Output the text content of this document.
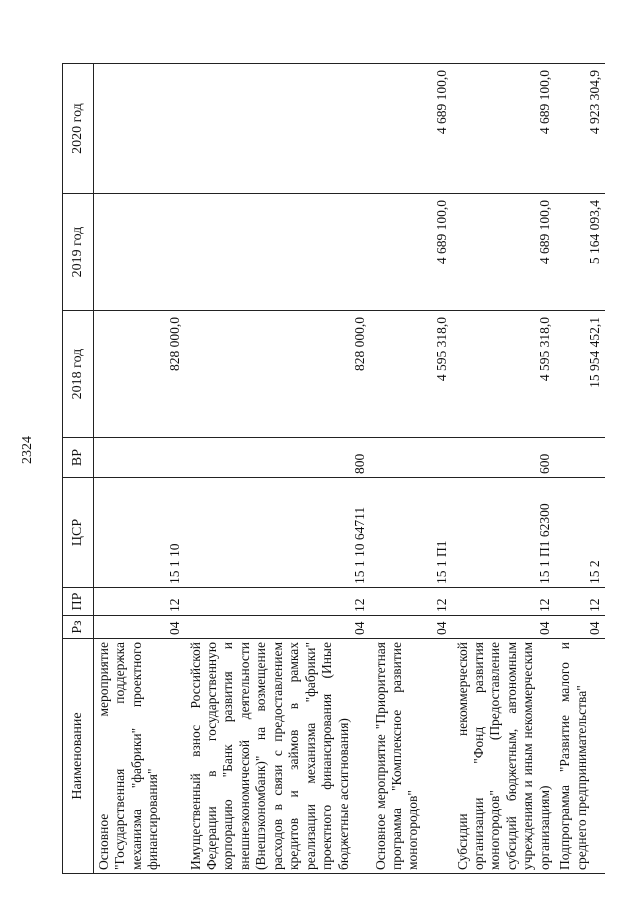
2324
Наименование	Рз	ПР	ЦСР	ВР	2018 год	2019 год	2020 год
Основное мероприятие "Государственная поддержка механизма "фабрики" проектного финансирования"	04	12	15 1 10		828 000,0		
Имущественный взнос Российской Федерации в государственную корпорацию "Банк развития и внешнеэкономической деятельности (Внешэкономбанк)" на возмещение расходов в связи с предоставлением кредитов и займов в рамках реализации механизма "фабрики" проектного финансирования (Иные бюджетные ассигнования)	04	12	15 1 10 64711	800	828 000,0		
Основное мероприятие "Приоритетная программа "Комплексное развитие моногородов"	04	12	15 1 П1		4 595 318,0	4 689 100,0	4 689 100,0
Субсидии некоммерческой организации "Фонд развития моногородов" (Предоставление субсидий бюджетным, автономным учреждениям и иным некоммерческим организациям)	04	12	15 1 П1 62300	600	4 595 318,0	4 689 100,0	4 689 100,0
Подпрограмма "Развитие малого и среднего предпринимательства"	04	12	15 2		15 954 452,1	5 164 093,4	4 923 304,9
